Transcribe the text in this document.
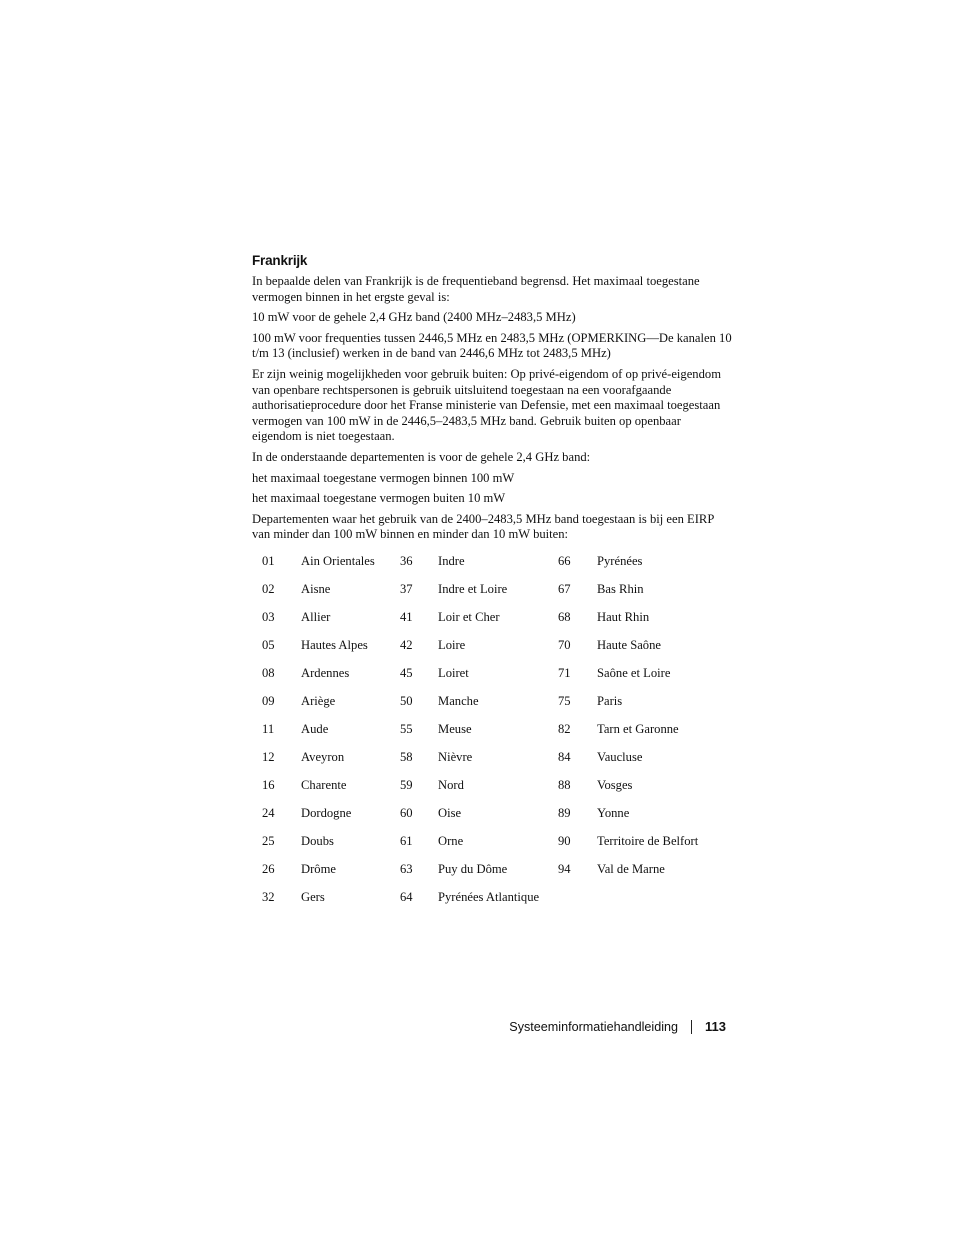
Frankrijk

In bepaalde delen van Frankrijk is de frequentieband begrensd. Het maximaal toegestane vermogen binnen in het ergste geval is:

10 mW voor de gehele 2,4 GHz band (2400 MHz–2483,5 MHz)

100 mW voor frequenties tussen 2446,5 MHz en 2483,5 MHz (OPMERKING—De kanalen 10 t/m 13 (inclusief) werken in de band van 2446,6 MHz tot 2483,5 MHz)

Er zijn weinig mogelijkheden voor gebruik buiten: Op privé-eigendom of op privé-eigendom van openbare rechtspersonen is gebruik uitsluitend toegestaan na een voorafgaande authorisatieprocedure door het Franse ministerie van Defensie, met een maximaal toegestaan vermogen van 100 mW in de 2446,5–2483,5 MHz band. Gebruik buiten op openbaar eigendom is niet toegestaan.

In de onderstaande departementen is voor de gehele 2,4 GHz band:

het maximaal toegestane vermogen binnen 100 mW

het maximaal toegestane vermogen buiten 10 mW

Departementen waar het gebruik van de 2400–2483,5 MHz band toegestaan is bij een EIRP van minder dan 100 mW binnen en minder dan 10 mW buiten:

01	Ain Orientales	36	Indre	66	Pyrénées
02	Aisne	37	Indre et Loire	67	Bas Rhin
03	Allier	41	Loir et Cher	68	Haut Rhin
05	Hautes Alpes	42	Loire	70	Haute Saône
08	Ardennes	45	Loiret	71	Saône et Loire
09	Ariège	50	Manche	75	Paris
11	Aude	55	Meuse	82	Tarn et Garonne
12	Aveyron	58	Nièvre	84	Vaucluse
16	Charente	59	Nord	88	Vosges
24	Dordogne	60	Oise	89	Yonne
25	Doubs	61	Orne	90	Territoire de Belfort
26	Drôme	63	Puy du Dôme	94	Val de Marne
32	Gers	64	Pyrénées Atlantique		
Systeeminformatiehandleiding 113
